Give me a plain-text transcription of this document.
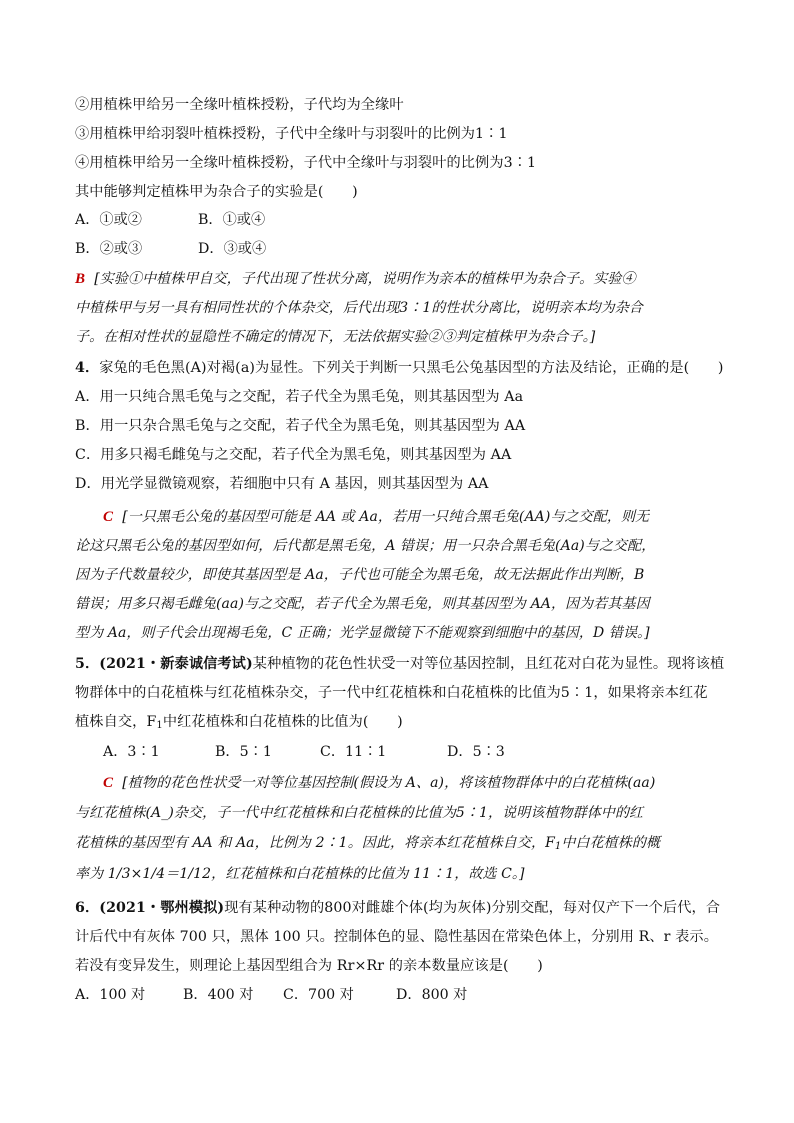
②用植株甲给另一全缘叶植株授粉，子代均为全缘叶
③用植株甲给羽裂叶植株授粉，子代中全缘叶与羽裂叶的比例为1∶1
④用植株甲给另一全缘叶植株授粉，子代中全缘叶与羽裂叶的比例为3∶1
其中能够判定植株甲为杂合子的实验是(　　)
A．①或②	B．①或④
B．②或③	D．③或④
B [实验①中植株甲自交，子代出现了性状分离，说明作为亲本的植株甲为杂合子。实验④
中植株甲与另一具有相同性状的个体杂交，后代出现3∶1的性状分离比，说明亲本均为杂合
子。在相对性状的显隐性不确定的情况下，无法依据实验②③判定植株甲为杂合子。]
4．家兔的毛色黑(A)对褐(a)为显性。下列关于判断一只黑毛公兔基因型的方法及结论，正确的是(　　)
A．用一只纯合黑毛兔与之交配，若子代全为黑毛兔，则其基因型为 Aa
B．用一只杂合黑毛兔与之交配，若子代全为黑毛兔，则其基因型为 AA
C．用多只褐毛雌兔与之交配，若子代全为黑毛兔，则其基因型为 AA
D．用光学显微镜观察，若细胞中只有 A 基因，则其基因型为 AA
C [一只黑毛公兔的基因型可能是 AA 或 Aa，若用一只纯合黑毛兔(AA)与之交配，则无
论这只黑毛公兔的基因型如何，后代都是黑毛兔，A 错误；用一只杂合黑毛兔(Aa)与之交配，
因为子代数量较少，即使其基因型是 Aa，子代也可能全为黑毛兔，故无法据此作出判断，B
错误；用多只褐毛雌兔(aa)与之交配，若子代全为黑毛兔，则其基因型为 AA，因为若其基因
型为 Aa，则子代会出现褐毛兔，C 正确；光学显微镜下不能观察到细胞中的基因，D 错误。]
5．(2021・新泰诚信考试)某种植物的花色性状受一对等位基因控制，且红花对白花为显性。现将该植
物群体中的白花植株与红花植株杂交，子一代中红花植株和白花植株的比值为5∶1，如果将亲本红花
植株自交，$F_1$中红花植株和白花植株的比值为(　　)
A．3∶1	B．5∶1	C．11∶1	D．5∶3
C [植物的花色性状受一对等位基因控制(假设为 A、a)，将该植物群体中的白花植株(aa)
与红花植株(A_)杂交，子一代中红花植株和白花植株的比值为5∶1，说明该植物群体中的红
花植株的基因型有 AA 和 Aa，比例为 2∶1。因此，将亲本红花植株自交，$F_1$中白花植株的概
率为 1/3×1/4＝1/12，红花植株和白花植株的比值为 11∶1，故选 C。]
6．(2021・鄂州模拟)现有某种动物的800对雌雄个体(均为灰体)分别交配，每对仅产下一个后代，合
计后代中有灰体 700 只，黑体 100 只。控制体色的显、隐性基因在常染色体上，分别用 R、r 表示。
若没有变异发生，则理论上基因型组合为 Rr×Rr 的亲本数量应该是(　　)
A．100 对	B．400 对 C．700 对	D．800 对
